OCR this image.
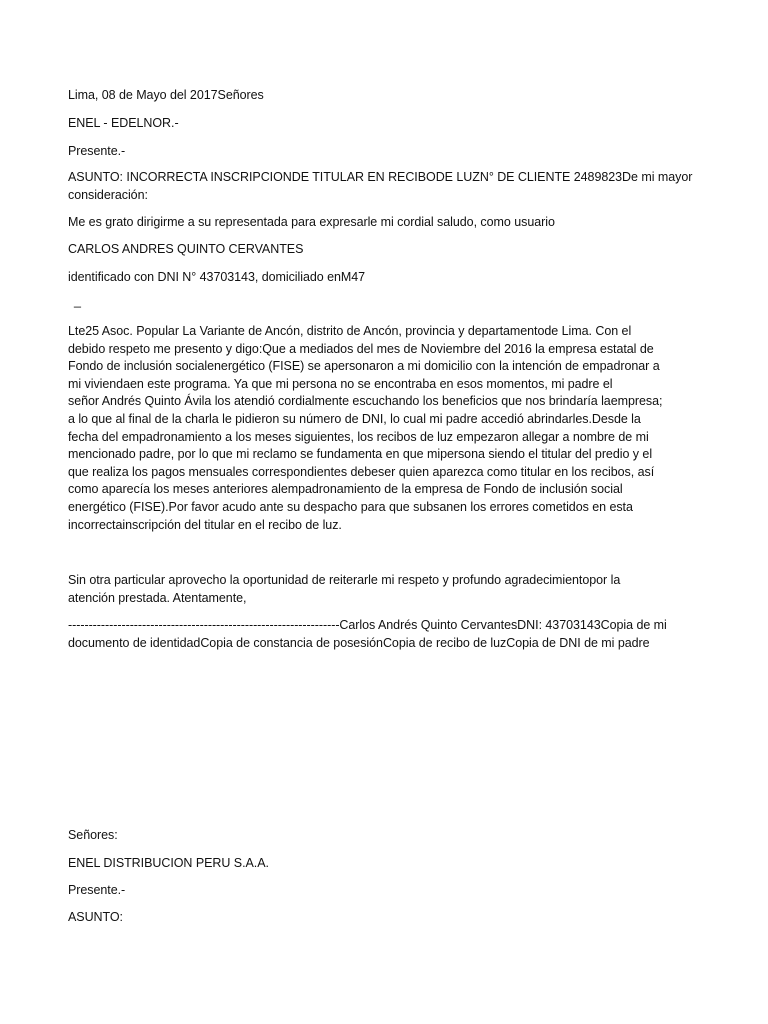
Lima, 08 de Mayo del 2017Señores
ENEL - EDELNOR.-
Presente.-
ASUNTO: INCORRECTA INSCRIPCIONDE TITULAR EN RECIBODE LUZN° DE CLIENTE 2489823De mi mayor
consideración:
Me es grato dirigirme a su representada para expresarle mi cordial saludo, como usuario
CARLOS ANDRES QUINTO CERVANTES
identificado con DNI N° 43703143, domiciliado enM47
_
Lte25 Asoc. Popular La Variante de Ancón, distrito de Ancón, provincia y departamentode Lima. Con el
debido respeto me presento y digo:Que a mediados del mes de Noviembre del 2016 la empresa estatal de
Fondo de inclusión socialenergético (FISE) se apersonaron a mi domicilio con la intención de empadronar a
mi viviendaen este programa. Ya que mi persona no se encontraba en esos momentos, mi padre el
señor Andrés Quinto Ávila los atendió cordialmente escuchando los beneficios que nos brindaría laempresa;
a lo que al final de la charla le pidieron su número de DNI, lo cual mi padre accedió abrindarles.Desde la
fecha del empadronamiento a los meses siguientes, los recibos de luz empezaron allegar a nombre de mi
mencionado padre, por lo que mi reclamo se fundamenta en que mipersona siendo el titular del predio y el
que realiza los pagos mensuales correspondientes debeser quien aparezca como titular en los recibos, así
como aparecía los meses anteriores alempadronamiento de la empresa de Fondo de inclusión social
energético (FISE).Por favor acudo ante su despacho para que subsanen los errores cometidos en esta
incorrectainscripción del titular en el recibo de luz.
Sin otra particular aprovecho la oportunidad de reiterarle mi respeto y profundo agradecimientopor la
atención prestada. Atentamente,
------------------------------------------------------------------Carlos Andrés Quinto CervantesDNI: 43703143Copia de mi
documento de identidadCopia de constancia de posesiónCopia de recibo de luzCopia de DNI de mi padre
Señores:
ENEL DISTRIBUCION PERU S.A.A.
Presente.-
ASUNTO:
